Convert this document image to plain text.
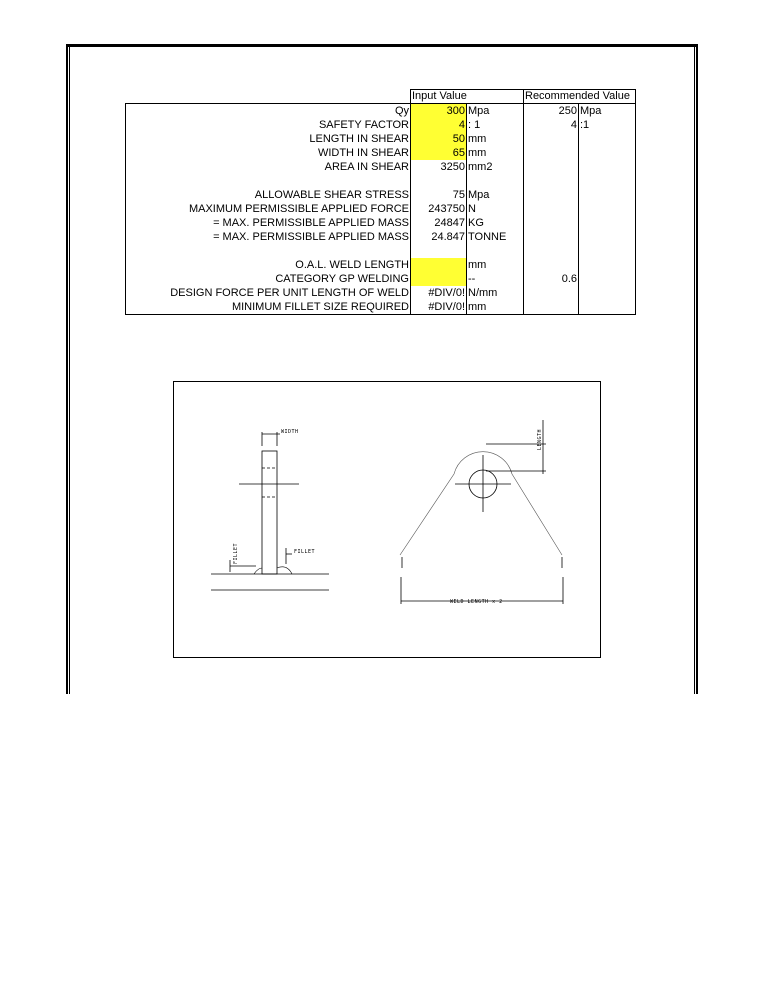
	Input Value		Recommended Value	
Qy	300	Mpa	250	Mpa
SAFETY FACTOR	4	: 1	4	:1
LENGTH IN SHEAR	50	mm		
WIDTH IN SHEAR	65	mm		
AREA IN SHEAR	3250	mm2		

ALLOWABLE SHEAR STRESS	75	Mpa		
MAXIMUM PERMISSIBLE APPLIED FORCE	243750	N		
= MAX. PERMISSIBLE APPLIED MASS	24847	KG		
= MAX. PERMISSIBLE APPLIED MASS	24.847	TONNE		

O.A.L. WELD LENGTH		mm		
CATEGORY GP WELDING		--	0.6	
DESIGN FORCE PER UNIT LENGTH OF WELD	#DIV/0!	N/mm		
MINIMUM FILLET SIZE REQUIRED	#DIV/0!	mm		
WIDTH
FILLET	FILLET
LENGTH
WELD LENGTH x 2
